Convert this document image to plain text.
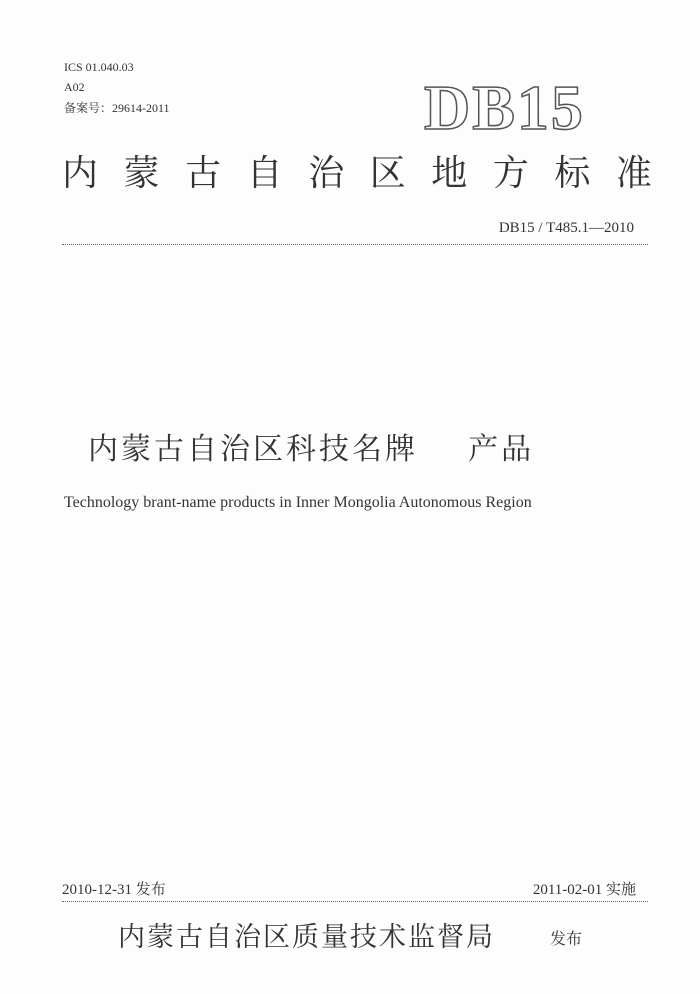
ICS 01.040.03
A02
备案号：29614-2011	DB15
内 蒙 古 自 治 区 地 方 标 准
DB15 / T485.1—2010
内蒙古自治区科技名牌    产品
Technology brant-name products in Inner Mongolia Autonomous Region
2010-12-31 发布	2011-02-01 实施
内蒙古自治区质量技术监督局	发布
